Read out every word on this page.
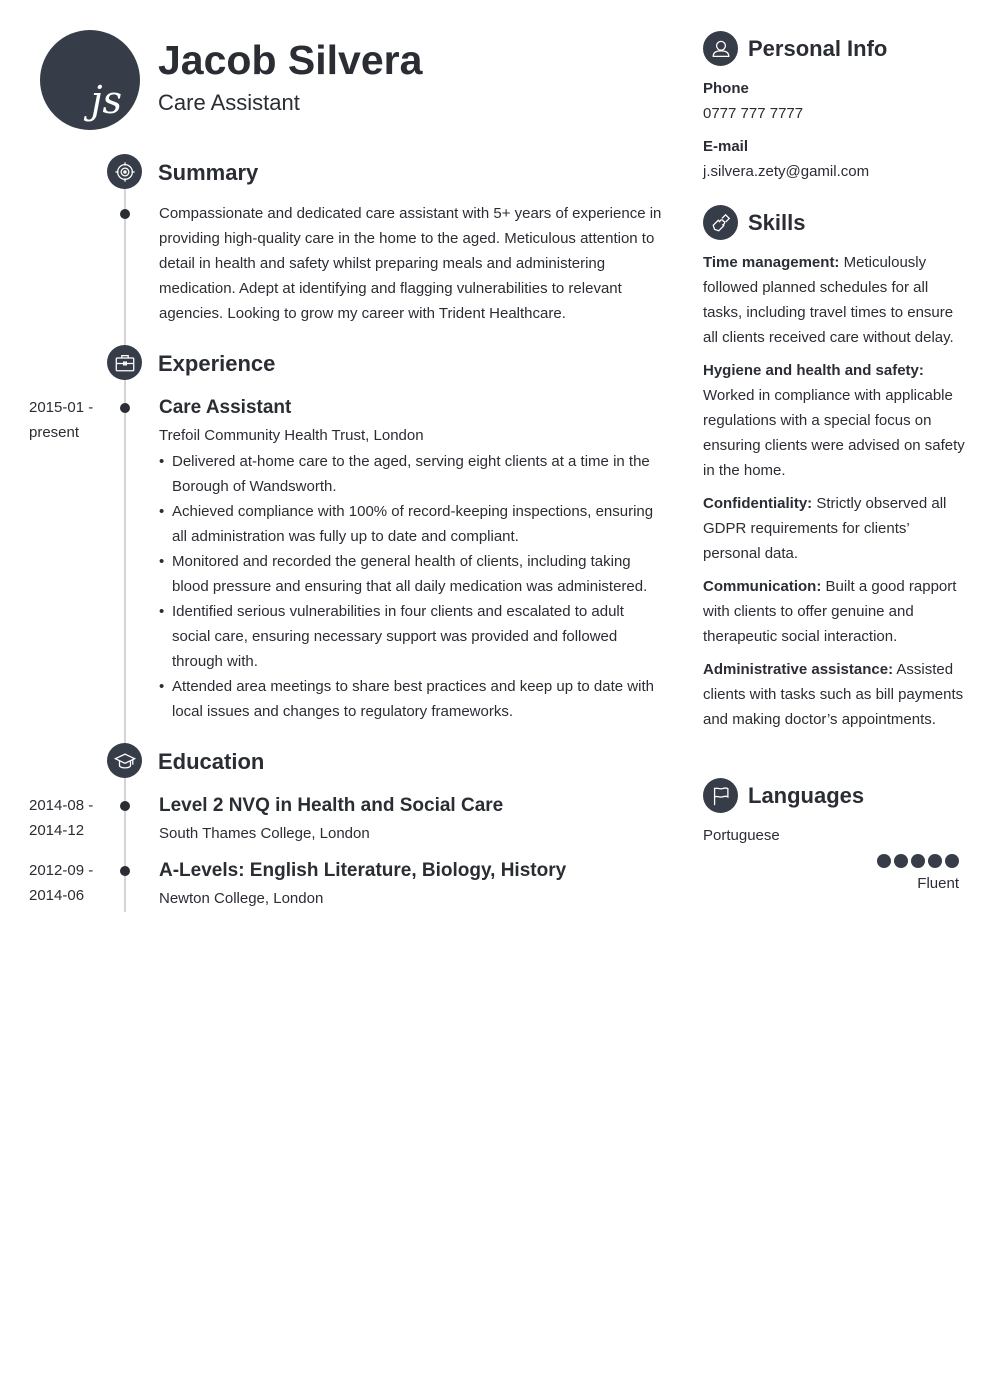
js
Jacob Silvera
Care Assistant
Summary
Compassionate and dedicated care assistant with 5+ years of experience in providing high-quality care in the home to the aged. Meticulous attention to detail in health and safety whilst preparing meals and administering medication. Adept at identifying and flagging vulnerabilities to relevant agencies. Looking to grow my career with Trident Healthcare.
Experience
2015-01 -
present
Care Assistant
Trefoil Community Health Trust, London
• Delivered at-home care to the aged, serving eight clients at a time in the Borough of Wandsworth.
• Achieved compliance with 100% of record-keeping inspections, ensuring all administration was fully up to date and compliant.
• Monitored and recorded the general health of clients, including taking blood pressure and ensuring that all daily medication was administered.
• Identified serious vulnerabilities in four clients and escalated to adult social care, ensuring necessary support was provided and followed through with.
• Attended area meetings to share best practices and keep up to date with local issues and changes to regulatory frameworks.
Education
2014-08 -
2014-12
Level 2 NVQ in Health and Social Care
South Thames College, London
2012-09 -
2014-06
A-Levels: English Literature, Biology, History
Newton College, London
Personal Info
Phone
0777 777 7777
E-mail
j.silvera.zety@gamil.com
Skills

Time management: Meticulously followed planned schedules for all tasks, including travel times to ensure all clients received care without delay.

Hygiene and health and safety: Worked in compliance with applicable regulations with a special focus on ensuring clients were advised on safety in the home.

Confidentiality: Strictly observed all GDPR requirements for clients’ personal data.

Communication: Built a good rapport with clients to offer genuine and therapeutic social interaction.

Administrative assistance: Assisted clients with tasks such as bill payments and making doctor’s appointments.

Languages
Portuguese
Fluent
